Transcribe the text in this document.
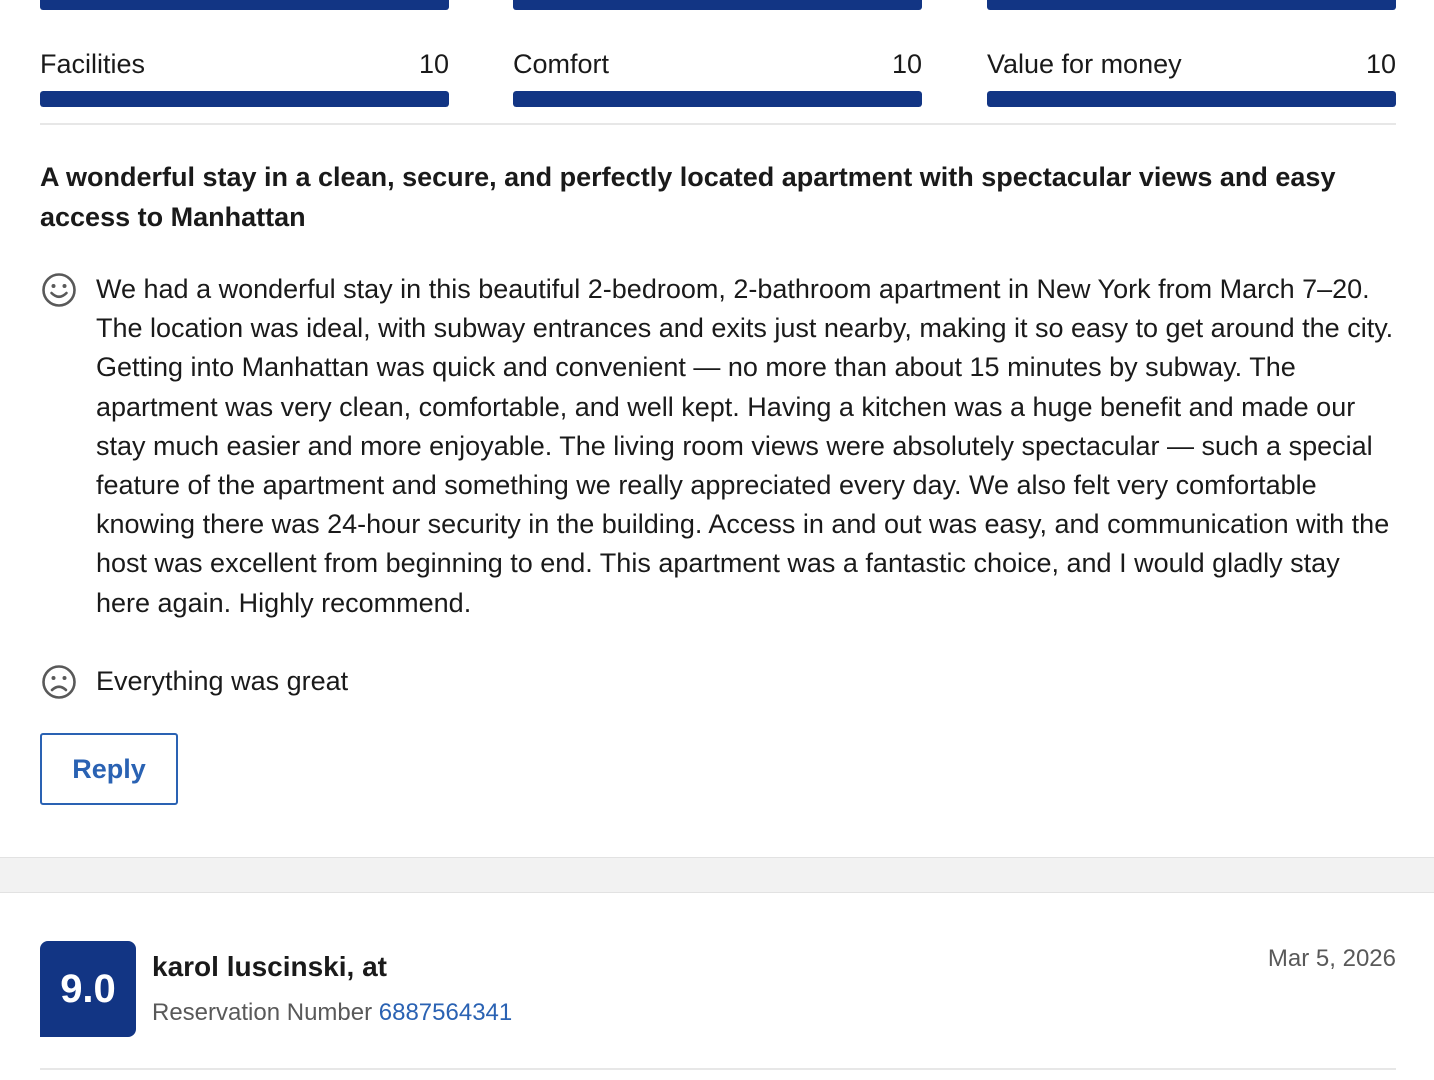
Facilities	10 Comfort	10 Value for money	10
A wonderful stay in a clean, secure, and perfectly located apartment with spectacular views and easy access to Manhattan
We had a wonderful stay in this beautiful 2-bedroom, 2-bathroom apartment in New York from March 7–20. The location was ideal, with subway entrances and exits just nearby, making it so easy to get around the city. Getting into Manhattan was quick and convenient — no more than about 15 minutes by subway. The apartment was very clean, comfortable, and well kept. Having a kitchen was a huge benefit and made our stay much easier and more enjoyable. The living room views were absolutely spectacular — such a special feature of the apartment and something we really appreciated every day. We also felt very comfortable knowing there was 24-hour security in the building. Access in and out was easy, and communication with the host was excellent from beginning to end. This apartment was a fantastic choice, and I would gladly stay here again. Highly recommend.
Everything was great
Reply
9.0
karol luscinski, at
Reservation Number 6887564341
Mar 5, 2026
